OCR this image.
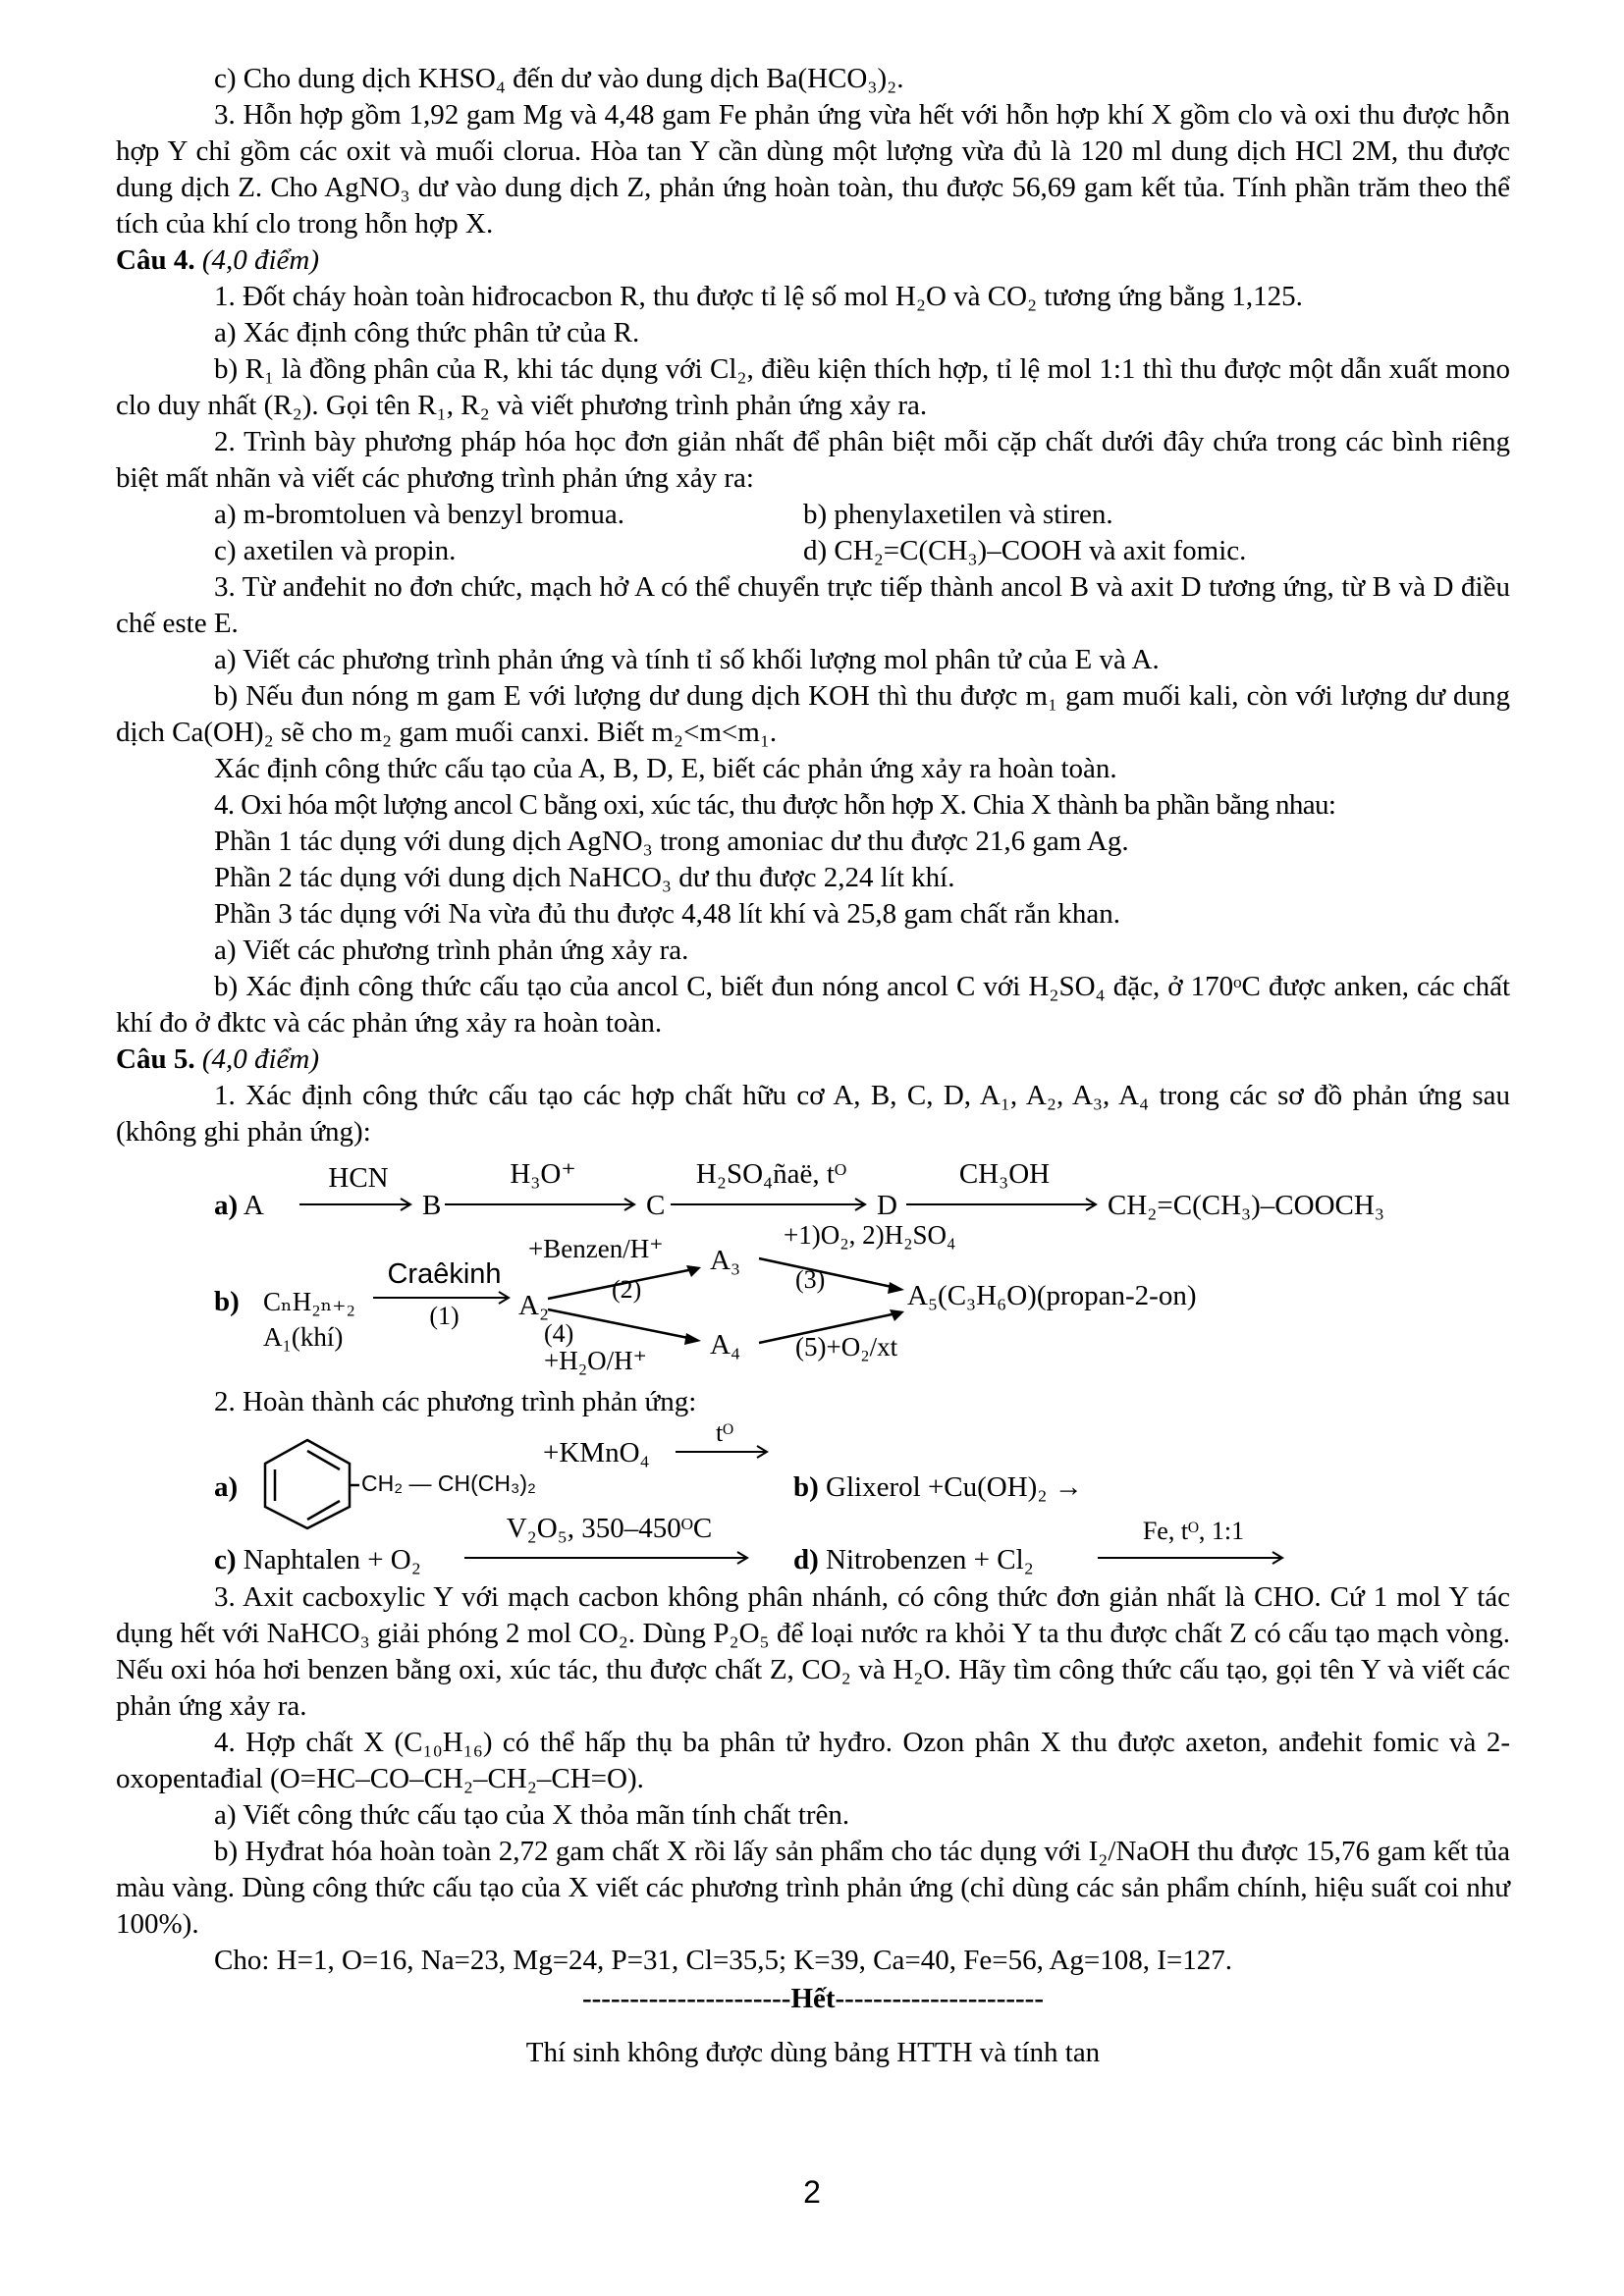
c) Cho dung dịch KHSO₄ đến dư vào dung dịch Ba(HCO₃)₂.

3. Hỗn hợp gồm 1,92 gam Mg và 4,48 gam Fe phản ứng vừa hết với hỗn hợp khí X gồm clo và oxi thu được hỗn hợp Y chỉ gồm các oxit và muối clorua. Hòa tan Y cần dùng một lượng vừa đủ là 120 ml dung dịch HCl 2M, thu được dung dịch Z. Cho AgNO₃ dư vào dung dịch Z, phản ứng hoàn toàn, thu được 56,69 gam kết tủa. Tính phần trăm theo thể tích của khí clo trong hỗn hợp X.

Câu 4. (4,0 điểm)

1. Đốt cháy hoàn toàn hiđrocacbon R, thu được tỉ lệ số mol H₂O và CO₂ tương ứng bằng 1,125.

a) Xác định công thức phân tử của R.

b) R₁ là đồng phân của R, khi tác dụng với Cl₂, điều kiện thích hợp, tỉ lệ mol 1:1 thì thu được một dẫn xuất mono clo duy nhất (R₂). Gọi tên R₁, R₂ và viết phương trình phản ứng xảy ra.

2. Trình bày phương pháp hóa học đơn giản nhất để phân biệt mỗi cặp chất dưới đây chứa trong các bình riêng biệt mất nhãn và viết các phương trình phản ứng xảy ra:

a) m-bromtoluen và benzyl bromua.	b) phenylaxetilen và stiren.
c) axetilen và propin.	d) CH₂=C(CH₃)–COOH và axit fomic.

3. Từ anđehit no đơn chức, mạch hở A có thể chuyển trực tiếp thành ancol B và axit D tương ứng, từ B và D điều chế este E.

a) Viết các phương trình phản ứng và tính tỉ số khối lượng mol phân tử của E và A.

b) Nếu đun nóng m gam E với lượng dư dung dịch KOH thì thu được m₁ gam muối kali, còn với lượng dư dung dịch Ca(OH)₂ sẽ cho m₂ gam muối canxi. Biết m₂<m<m₁.

Xác định công thức cấu tạo của A, B, D, E, biết các phản ứng xảy ra hoàn toàn.

4. Oxi hóa một lượng ancol C bằng oxi, xúc tác, thu được hỗn hợp X. Chia X thành ba phần bằng nhau:

Phần 1 tác dụng với dung dịch AgNO₃ trong amoniac dư thu được 21,6 gam Ag.

Phần 2 tác dụng với dung dịch NaHCO₃ dư thu được 2,24 lít khí.

Phần 3 tác dụng với Na vừa đủ thu được 4,48 lít khí và 25,8 gam chất rắn khan.

a) Viết các phương trình phản ứng xảy ra.

b) Xác định công thức cấu tạo của ancol C, biết đun nóng ancol C với H₂SO₄ đặc, ở 170ᵒC được anken, các chất khí đo ở đktc và các phản ứng xảy ra hoàn toàn.

Câu 5. (4,0 điểm)

1. Xác định công thức cấu tạo các hợp chất hữu cơ A, B, C, D, A₁, A₂, A₃, A₄ trong các sơ đồ phản ứng sau (không ghi phản ứng):

a) A
HCN
B
H₃O⁺
C
H₂SO₄ñaë, tᴼ
D
CH₃OH
CH₂=C(CH₃)–COOCH₃
b) CₙH₂ₙ₊₂
A₁(khí)
Craêkinh
(1)	A₂
+Benzen/H⁺
(2)
A₃
+1)O₂, 2)H₂SO₄
(3)
A₅(C₃H₆O)(propan-2-on)
(4)
+H₂O/H⁺ A₄ (5)+O₂/xt

2. Hoàn thành các phương trình phản ứng:

a)	CH₂ — CH(CH₃)₂
+KMnO₄
tᴼ
b) Glixerol +Cu(OH)₂ →
c) Naphtalen + O₂
V₂O₅, 350–450ᴼC
d) Nitrobenzen + Cl₂
Fe, tᴼ, 1:1

3. Axit cacboxylic Y với mạch cacbon không phân nhánh, có công thức đơn giản nhất là CHO. Cứ 1 mol Y tác dụng hết với NaHCO₃ giải phóng 2 mol CO₂. Dùng P₂O₅ để loại nước ra khỏi Y ta thu được chất Z có cấu tạo mạch vòng. Nếu oxi hóa hơi benzen bằng oxi, xúc tác, thu được chất Z, CO₂ và H₂O. Hãy tìm công thức cấu tạo, gọi tên Y và viết các phản ứng xảy ra.

4. Hợp chất X (C₁₀H₁₆) có thể hấp thụ ba phân tử hyđro. Ozon phân X thu được axeton, anđehit fomic và 2-oxopentađial (O=HC–CO–CH₂–CH₂–CH=O).

a) Viết công thức cấu tạo của X thỏa mãn tính chất trên.

b) Hyđrat hóa hoàn toàn 2,72 gam chất X rồi lấy sản phẩm cho tác dụng với I₂/NaOH thu được 15,76 gam kết tủa màu vàng. Dùng công thức cấu tạo của X viết các phương trình phản ứng (chỉ dùng các sản phẩm chính, hiệu suất coi như 100%).

Cho: H=1, O=16, Na=23, Mg=24, P=31, Cl=35,5; K=39, Ca=40, Fe=56, Ag=108, I=127.

----------------------Hết----------------------

Thí sinh không được dùng bảng HTTH và tính tan

2
